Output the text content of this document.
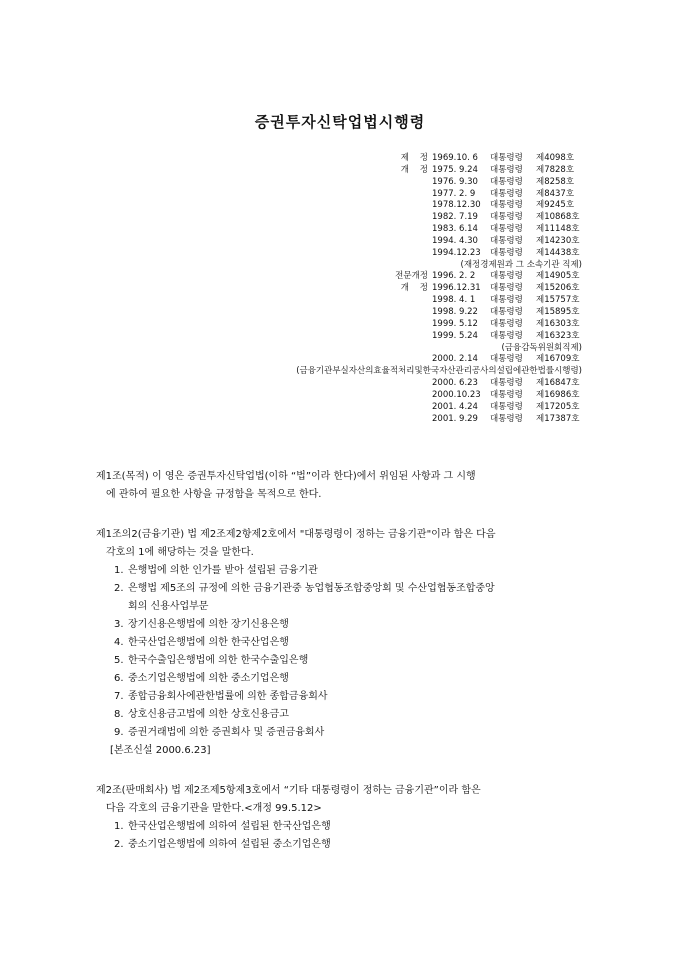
증권투자신탁업법시행령
제    정 1969.10. 6	대통령령	제4098호
개    정 1975. 9.24	대통령령	제7828호
1976. 9.30	대통령령	제8258호
1977. 2. 9	대통령령	제8437호
1978.12.30	대통령령	제9245호
1982. 7.19	대통령령	제10868호
1983. 6.14	대통령령	제11148호
1994. 4.30	대통령령	제14230호
1994.12.23	대통령령	제14438호
(재정경제원과 그 소속기관 직제)
전문개정 1996. 2. 2	대통령령	제14905호
개    정 1996.12.31	대통령령	제15206호
1998. 4. 1	대통령령	제15757호
1998. 9.22	대통령령	제15895호
1999. 5.12	대통령령	제16303호
1999. 5.24	대통령령	제16323호
(금융감독위원회직제)
2000. 2.14	대통령령	제16709호
(금융기관부실자산의효율적처리및한국자산관리공사의설립에관한법률시행령)
2000. 6.23	대통령령	제16847호
2000.10.23	대통령령	제16986호
2001. 4.24	대통령령	제17205호
2001. 9.29	대통령령	제17387호
제1조(목적) 이 영은 증권투자신탁업법(이하 “법”이라 한다)에서 위임된 사항과 그 시행
에 관하여 필요한 사항을 규정함을 목적으로 한다.
제1조의2(금융기관) 법 제2조제2항제2호에서 "대통령령이 정하는 금융기관"이라 함은 다음
각호의 1에 해당하는 것을 말한다.
1. 은행법에 의한 인가를 받아 설립된 금융기관
2. 은행법 제5조의 규정에 의한 금융기관중 농업협동조합중앙회 및 수산업협동조합중앙
회의 신용사업부문
3. 장기신용은행법에 의한 장기신용은행
4. 한국산업은행법에 의한 한국산업은행
5. 한국수출입은행법에 의한 한국수출입은행
6. 중소기업은행법에 의한 중소기업은행
7. 종합금융회사에관한법률에 의한 종합금융회사
8. 상호신용금고법에 의한 상호신용금고
9. 증권거래법에 의한 증권회사 및 증권금융회사
[본조신설 2000.6.23]
제2조(판매회사) 법 제2조제5항제3호에서 “기타 대통령령이 정하는 금융기관”이라 함은
다음 각호의 금융기관을 말한다.<개정 99.5.12>
1. 한국산업은행법에 의하여 설립된 한국산업은행
2. 중소기업은행법에 의하여 설립된 중소기업은행
